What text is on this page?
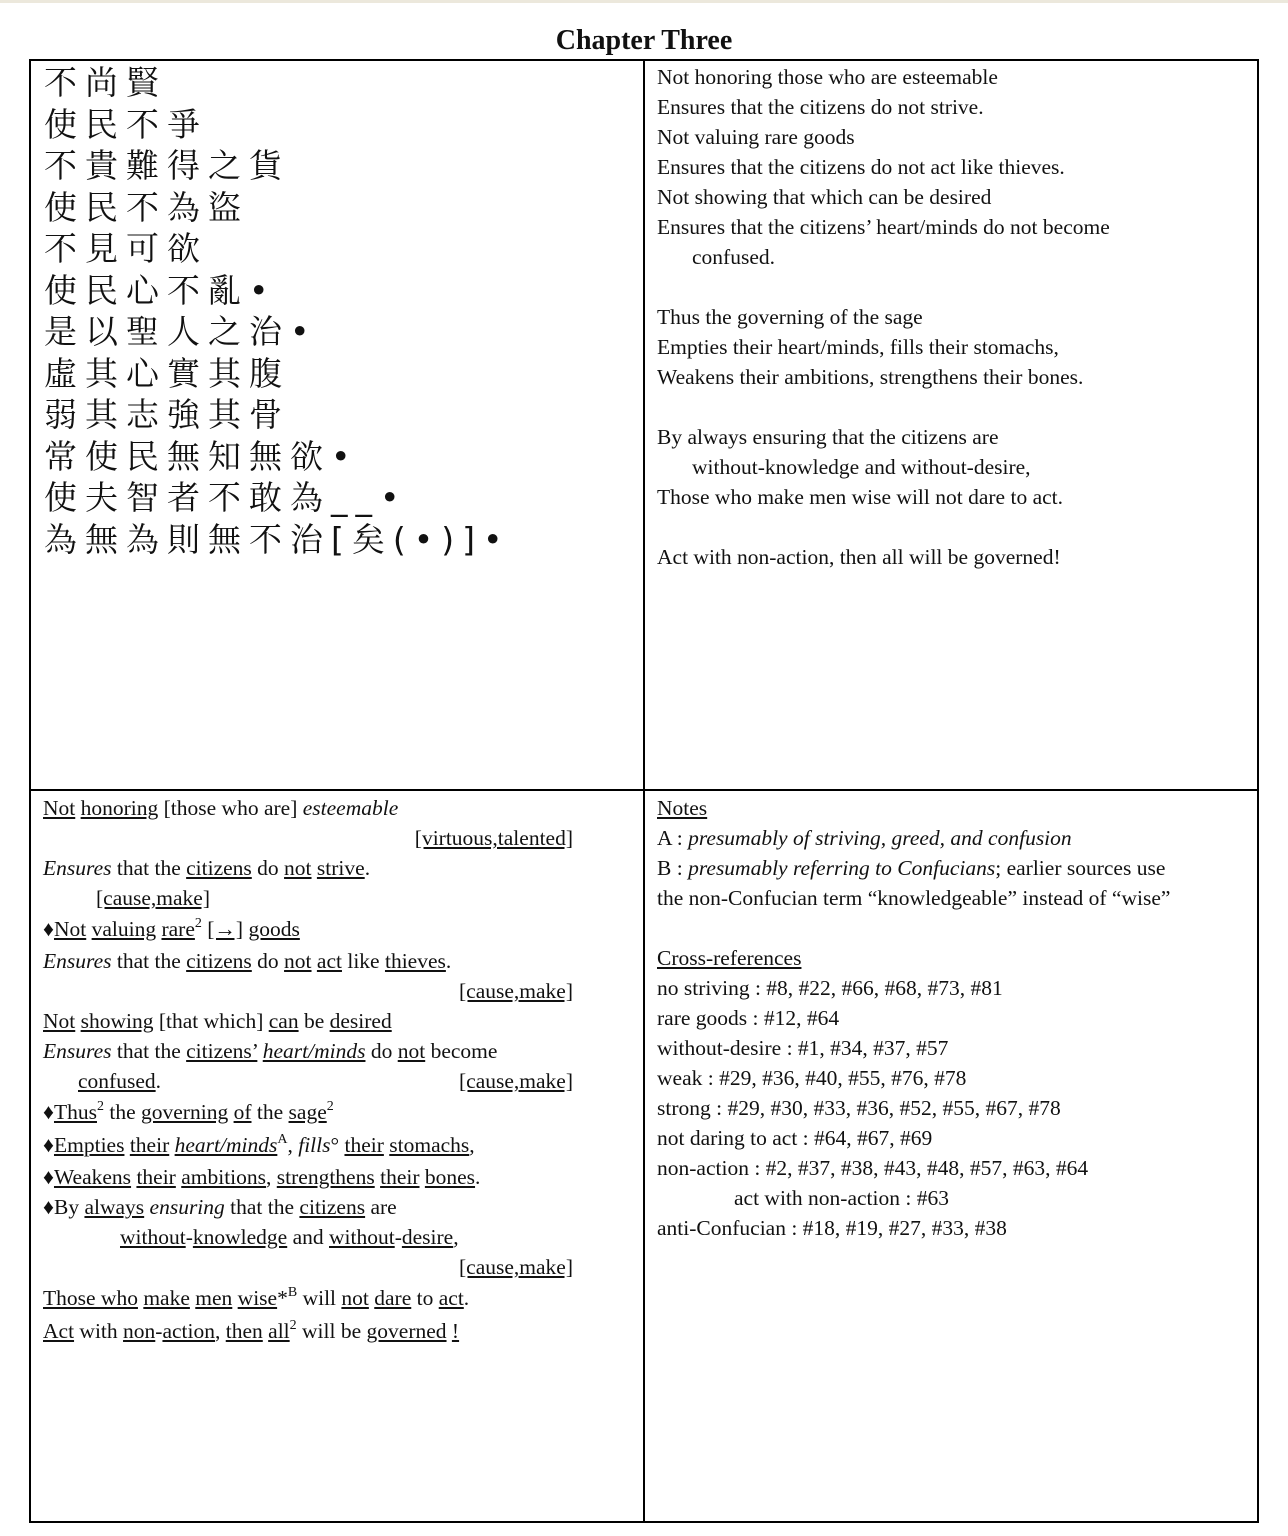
Chapter Three
不尚賢
使民不爭
不貴難得之貨
使民不為盜
不見可欲
使民心不亂•
是以聖人之治•
虛其心實其腹
弱其志強其骨
常使民無知無欲•
使夫智者不敢為__•
為無為則無不治[矣(•)]•
Not honoring those who are esteemable
Ensures that the citizens do not strive.
Not valuing rare goods
Ensures that the citizens do not act like thieves.
Not showing that which can be desired
Ensures that the citizens’ heart/minds do not become
confused.
Thus the governing of the sage
Empties their heart/minds, fills their stomachs,
Weakens their ambitions, strengthens their bones.
By always ensuring that the citizens are
without-knowledge and without-desire,
Those who make men wise will not dare to act.
Act with non-action, then all will be governed!
Not honoring [those who are] esteemable
[virtuous,talented]
Ensures that the citizens do not strive.
[cause,make]
♦Not valuing rare$^2$ [→] goods
Ensures that the citizens do not act like thieves.
[cause,make]
Not showing [that which] can be desired
Ensures that the citizens’ heart/minds do not become
confused.	[cause,make]
♦Thus$^2$ the governing of the sage$^2$
♦Empties their heart/minds$^A$, fills° their stomachs,
♦Weakens their ambitions, strengthens their bones.
♦By always ensuring that the citizens are
without-knowledge and without-desire,
[cause,make]
Those who make men wise*$^B$ will not dare to act.
Act with non-action, then all$^2$ will be governed !
Notes
A : presumably of striving, greed, and confusion
B : presumably referring to Confucians; earlier sources use
the non-Confucian term “knowledgeable” instead of “wise”
Cross-references
no striving : #8, #22, #66, #68, #73, #81
rare goods : #12, #64
without-desire : #1, #34, #37, #57
weak : #29, #36, #40, #55, #76, #78
strong : #29, #30, #33, #36, #52, #55, #67, #78
not daring to act : #64, #67, #69
non-action : #2, #37, #38, #43, #48, #57, #63, #64
act with non-action : #63
anti-Confucian : #18, #19, #27, #33, #38
